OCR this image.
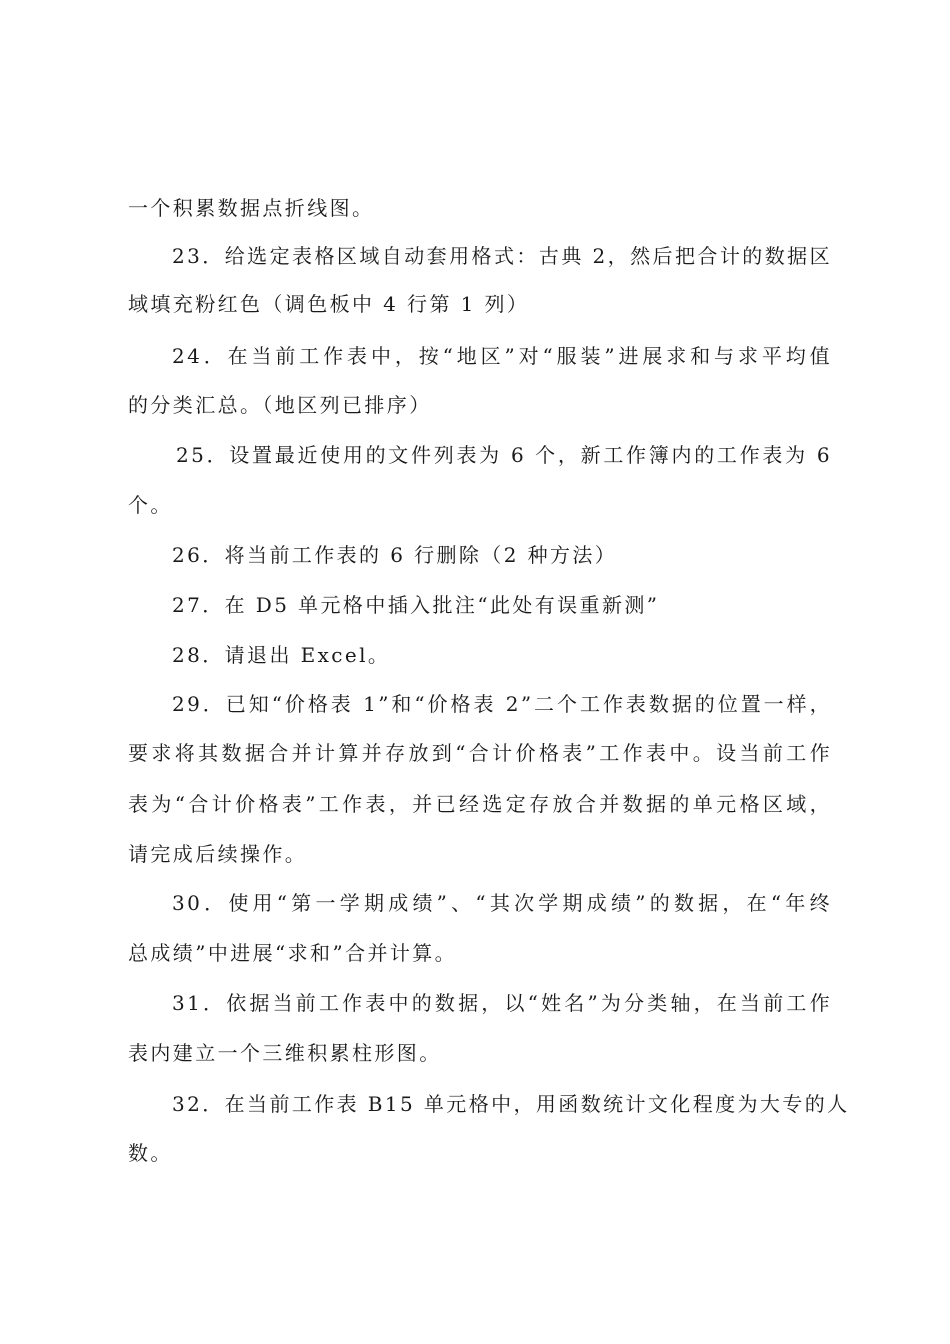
一个积累数据点折线图。
23．给选定表格区域自动套用格式：古典 2，然后把合计的数据区
域填充粉红色（调色板中 4 行第 1 列）
24．在当前工作表中，按“地区”对“服装”进展求和与求平均值
的分类汇总。（地区列已排序）
25．设置最近使用的文件列表为 6 个，新工作簿内的工作表为 6
个。
26．将当前工作表的 6 行删除（2 种方法）
27．在 D5 单元格中插入批注“此处有误重新测”
28．请退出 Excel。
29．已知“价格表 1”和“价格表 2”二个工作表数据的位置一样，
要求将其数据合并计算并存放到“合计价格表”工作表中。设当前工作
表为“合计价格表”工作表，并已经选定存放合并数据的单元格区域，
请完成后续操作。
30．使用“第一学期成绩”、“其次学期成绩”的数据，在“年终
总成绩”中进展“求和”合并计算。
31．依据当前工作表中的数据，以“姓名”为分类轴，在当前工作
表内建立一个三维积累柱形图。
32．在当前工作表 B15 单元格中，用函数统计文化程度为大专的人
数。
